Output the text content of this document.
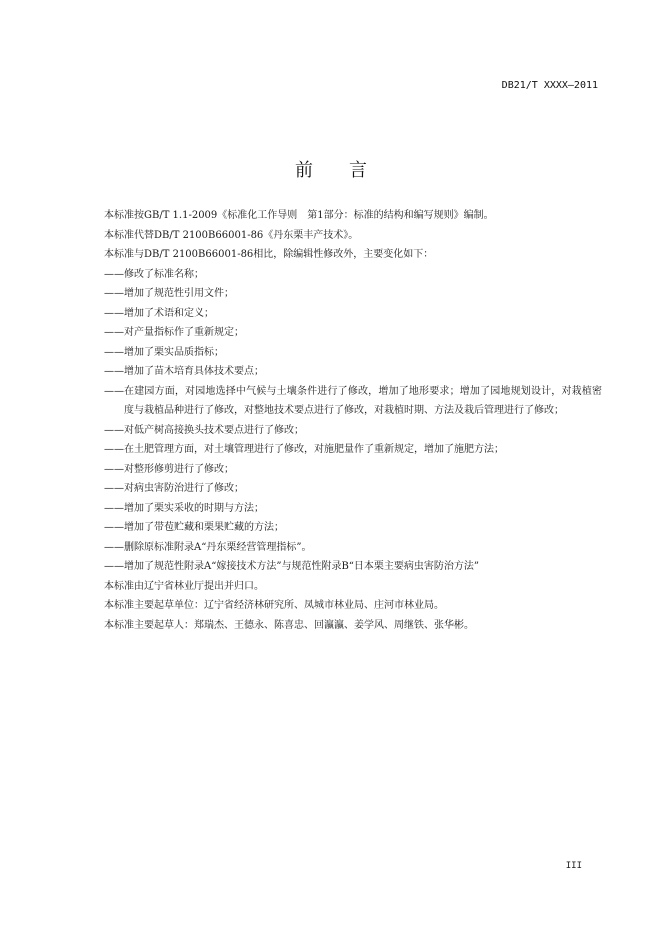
DB21/T XXXX—2011
前言
本标准按GB/T 1.1-2009《标准化工作导则　第1部分：标准的结构和编写规则》编制。
本标准代替DB/T 2100B66001-86《丹东栗丰产技术》。
本标准与DB/T 2100B66001-86相比，除编辑性修改外，主要变化如下：
—— 修改了标准名称；
—— 增加了规范性引用文件；
—— 增加了术语和定义；
—— 对产量指标作了重新规定；
—— 增加了栗实品质指标；
—— 增加了苗木培育具体技术要点；
—— 在建园方面，对园地选择中气候与土壤条件进行了修改，增加了地形要求；增加了园地规划设计，对栽植密度与栽植品种进行了修改，对整地技术要点进行了修改，对栽植时期、方法及栽后管理进行了修改；
—— 对低产树高接换头技术要点进行了修改；
—— 在土肥管理方面，对土壤管理进行了修改，对施肥量作了重新规定，增加了施肥方法；
—— 对整形修剪进行了修改；
—— 对病虫害防治进行了修改；
—— 增加了栗实采收的时期与方法；
—— 增加了带苞贮藏和栗果贮藏的方法；
—— 删除原标准附录A“丹东栗经营管理指标”。
—— 增加了规范性附录A“嫁接技术方法”与规范性附录B“日本栗主要病虫害防治方法”
本标准由辽宁省林业厅提出并归口。
本标准主要起草单位：辽宁省经济林研究所、凤城市林业局、庄河市林业局。
本标准主要起草人：郑瑞杰、王德永、陈喜忠、回瀛瀛、姜学风、周继铁、张华彬。
III
